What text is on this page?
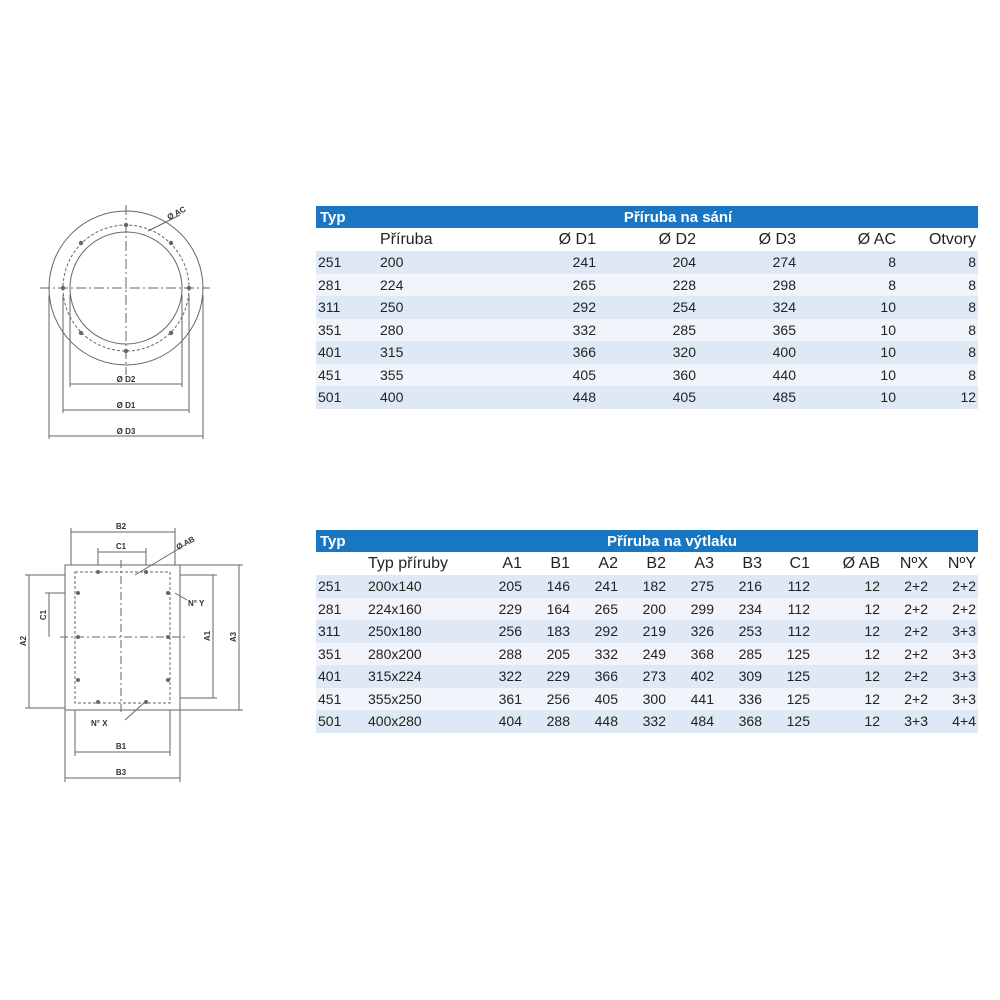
Ø AC
Ø D2
Ø D1
Ø D3
B2
C1	Ø AB
N° Y
C1
A2	A1 A3
N° X
B1
B3
Typ	Příruba na sání					
	Příruba	Ø D1	Ø D2	Ø D3	Ø AC	Otvory
251	200	241	204	274	8	8
281	224	265	228	298	8	8
311	250	292	254	324	10	8
351	280	332	285	365	10	8
401	315	366	320	400	10	8
451	355	405	360	440	10	8
501	400	448	405	485	10	12
Typ	Příruba na výtlaku										
	Typ příruby	A1	B1	A2	B2	A3	B3	C1	Ø AB	NºX	NºY
251	200x140	205	146	241	182	275	216	112	12	2+2	2+2
281	224x160	229	164	265	200	299	234	112	12	2+2	2+2
311	250x180	256	183	292	219	326	253	112	12	2+2	3+3
351	280x200	288	205	332	249	368	285	125	12	2+2	3+3
401	315x224	322	229	366	273	402	309	125	12	2+2	3+3
451	355x250	361	256	405	300	441	336	125	12	2+2	3+3
501	400x280	404	288	448	332	484	368	125	12	3+3	4+4
